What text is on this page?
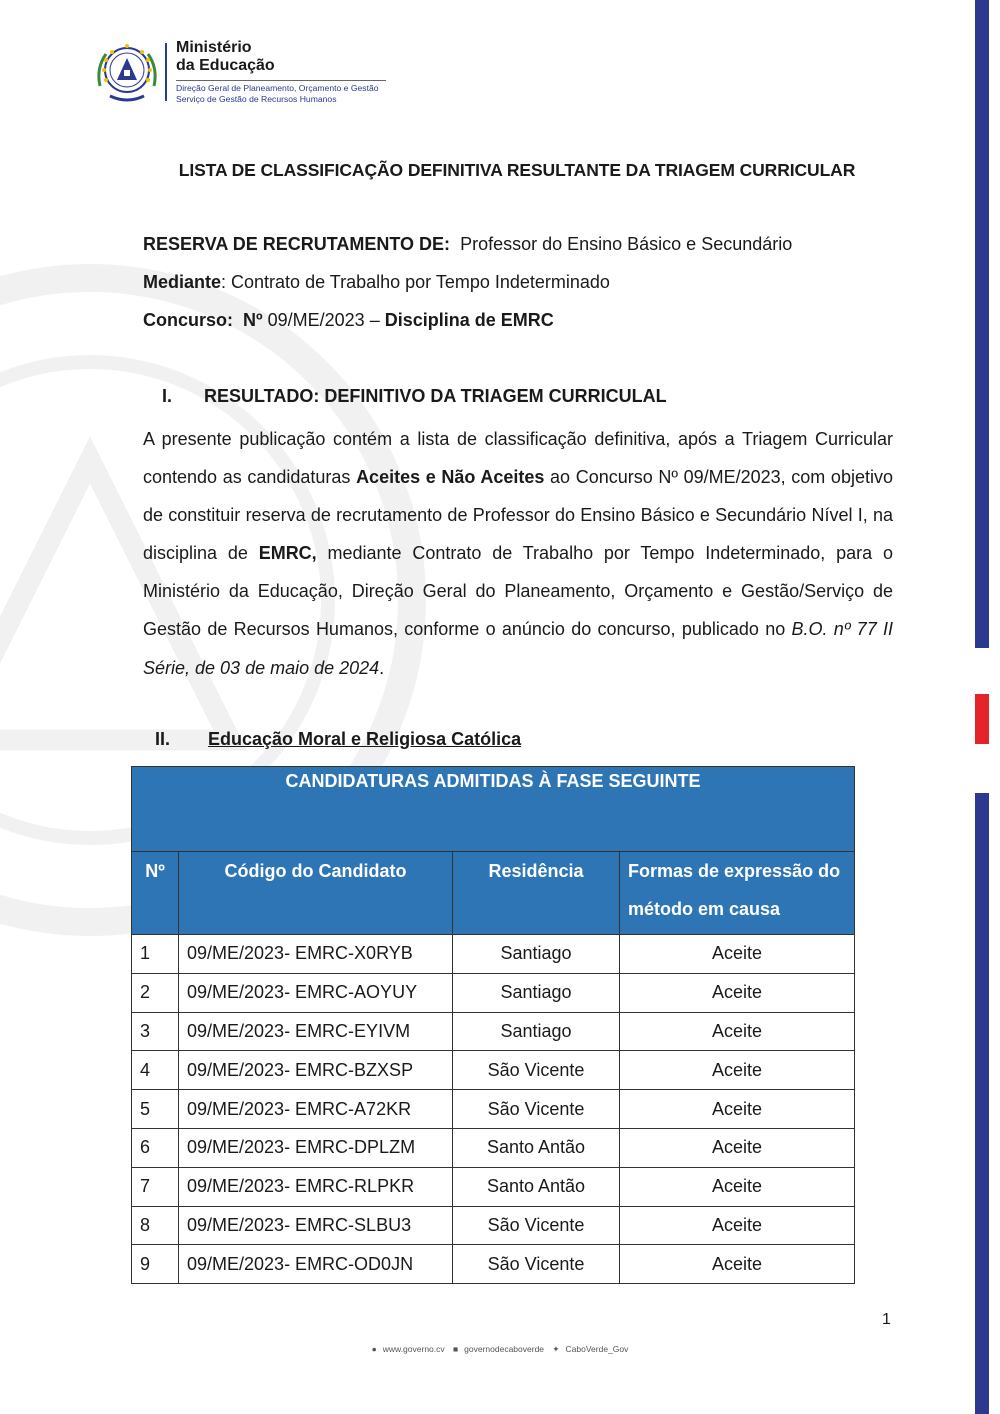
Ministério
da Educação
Direção Geral de Planeamento, Orçamento e Gestão
Serviço de Gestão de Recursos Humanos
LISTA DE CLASSIFICAÇÃO DEFINITIVA RESULTANTE DA TRIAGEM CURRICULAR
RESERVA DE RECRUTAMENTO DE: Professor do Ensino Básico e Secundário
Mediante: Contrato de Trabalho por Tempo Indeterminado
Concurso: Nº 09/ME/2023 – Disciplina de EMRC
I. RESULTADO: DEFINITIVO DA TRIAGEM CURRICULAL
A presente publicação contém a lista de classificação definitiva, após a Triagem Curricular contendo as candidaturas Aceites e Não Aceites ao Concurso Nº 09/ME/2023, com objetivo de constituir reserva de recrutamento de Professor do Ensino Básico e Secundário Nível I, na disciplina de EMRC, mediante Contrato de Trabalho por Tempo Indeterminado, para o Ministério da Educação, Direção Geral do Planeamento, Orçamento e Gestão/Serviço de Gestão de Recursos Humanos, conforme o anúncio do concurso, publicado no B.O. nº 77 II Série, de 03 de maio de 2024.
II. Educação Moral e Religiosa Católica
CANDIDATURAS ADMITIDAS À FASE SEGUINTE			
Nº	Código do Candidato	Residência	Formas de expressão do método em causa
1	09/ME/2023- EMRC-X0RYB	Santiago	Aceite
2	09/ME/2023- EMRC-AOYUY	Santiago	Aceite
3	09/ME/2023- EMRC-EYIVM	Santiago	Aceite
4	09/ME/2023- EMRC-BZXSP	São Vicente	Aceite
5	09/ME/2023- EMRC-A72KR	São Vicente	Aceite
6	09/ME/2023- EMRC-DPLZM	Santo Antão	Aceite
7	09/ME/2023- EMRC-RLPKR	Santo Antão	Aceite
8	09/ME/2023- EMRC-SLBU3	São Vicente	Aceite
9	09/ME/2023- EMRC-OD0JN	São Vicente	Aceite
1
● www.governo.cv ■ governodecaboverde ✦ CaboVerde_Gov
